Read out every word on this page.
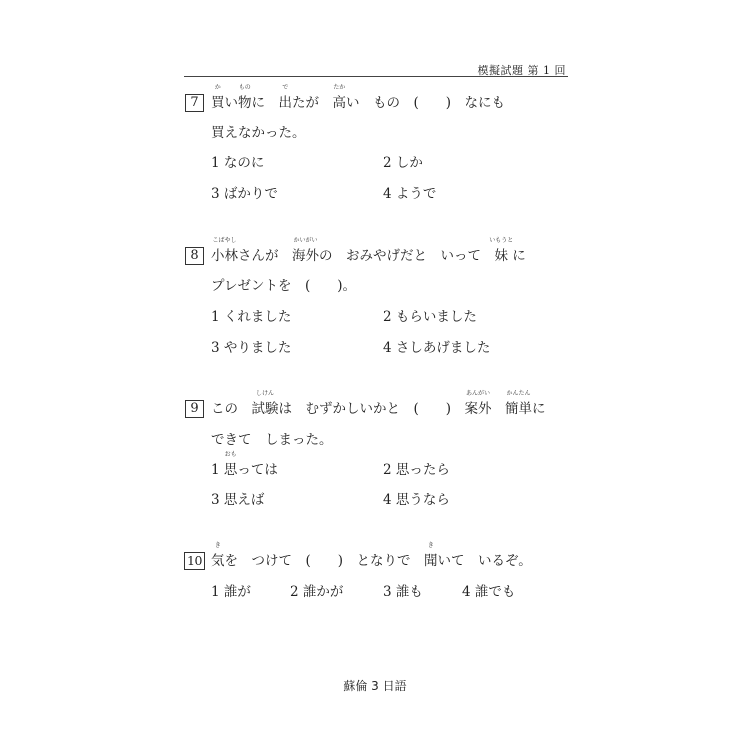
模擬試題 第 1 回
7 買
か
い物
もの
に　出
で
たが　高
たか
い　もの　(　　)　なにも
買えなかった。
1 なのに	2 しか
3 ばかりで	4 ようで
8 小林
こばやし
さんが　海外
かいがい
の　おみやげだと　いって　妹
いもうと
に
プレゼントを　(　　)。
1 くれました	2 もらいました
3 やりました	4 さしあげました
9 この　試験
しけん
は　むずかしいかと　(　　)　案外
あんがい
　簡単
かんたん
に
できて　しまった。
1 思
おも
っては	2 思ったら
3 思えば	4 思うなら
10 気
き
を　つけて　(　　)　となりで　聞
き
いて　いるぞ。
1 誰が	2 誰かが	3 誰も	4 誰でも
蘇倫 3 日語
